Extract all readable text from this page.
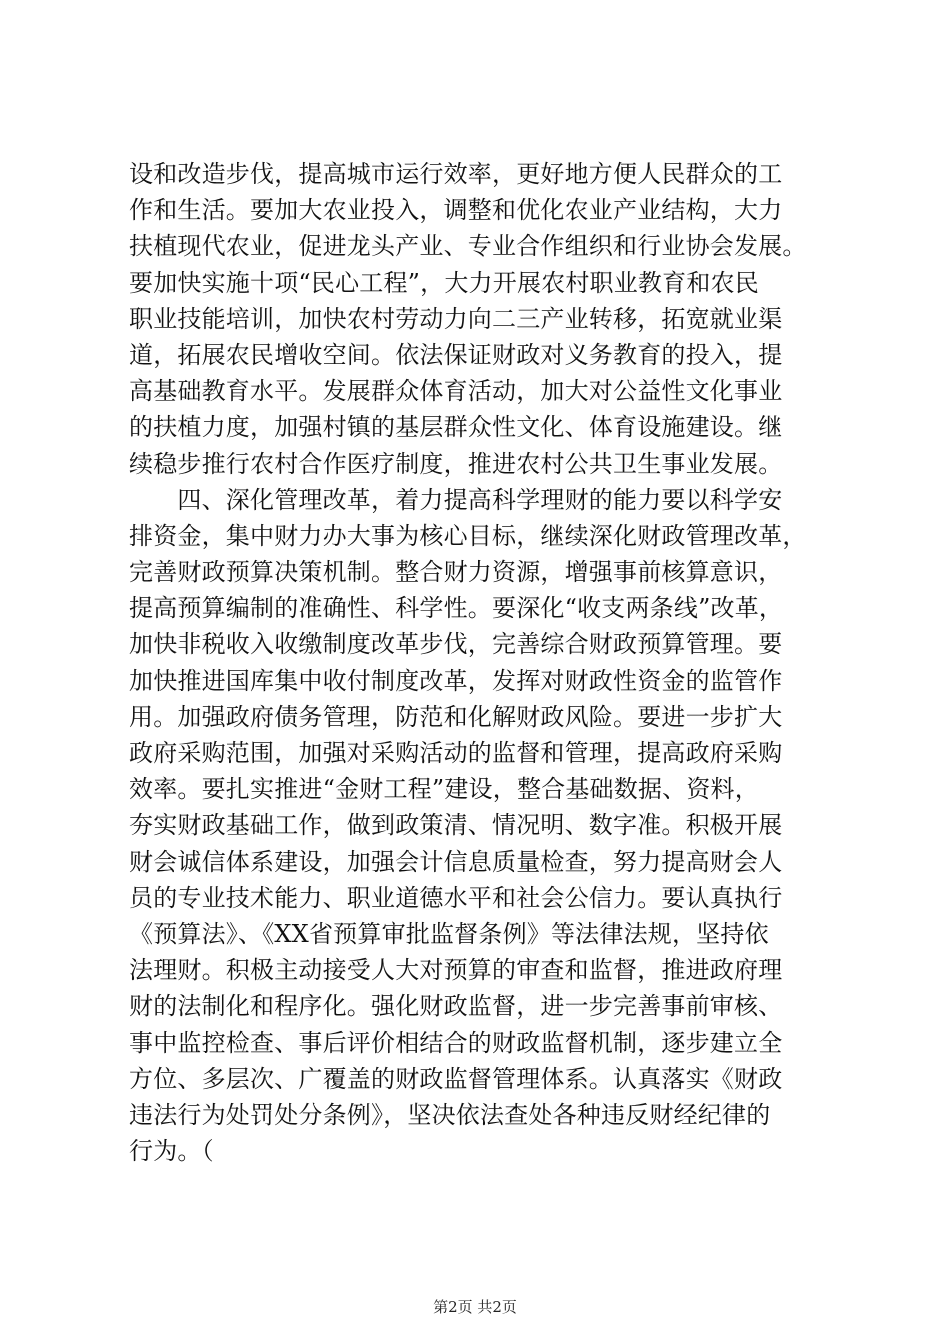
设和改造步伐，提高城市运行效率，更好地方便人民群众的工
作和生活。要加大农业投入，调整和优化农业产业结构，大力
扶植现代农业，促进龙头产业、专业合作组织和行业协会发展。
要加快实施十项“民心工程”，大力开展农村职业教育和农民
职业技能培训，加快农村劳动力向二三产业转移，拓宽就业渠
道，拓展农民增收空间。依法保证财政对义务教育的投入，提
高基础教育水平。发展群众体育活动，加大对公益性文化事业
的扶植力度，加强村镇的基层群众性文化、体育设施建设。继
续稳步推行农村合作医疗制度，推进农村公共卫生事业发展。
　　四、深化管理改革，着力提高科学理财的能力要以科学安
排资金，集中财力办大事为核心目标，继续深化财政管理改革，
完善财政预算决策机制。整合财力资源，增强事前核算意识，
提高预算编制的准确性、科学性。要深化“收支两条线”改革，
加快非税收入收缴制度改革步伐，完善综合财政预算管理。要
加快推进国库集中收付制度改革，发挥对财政性资金的监管作
用。加强政府债务管理，防范和化解财政风险。要进一步扩大
政府采购范围，加强对采购活动的监督和管理，提高政府采购
效率。要扎实推进“金财工程”建设，整合基础数据、资料，
夯实财政基础工作，做到政策清、情况明、数字准。积极开展
财会诚信体系建设，加强会计信息质量检查，努力提高财会人
员的专业技术能力、职业道德水平和社会公信力。要认真执行
《预算法》、《XX省预算审批监督条例》等法律法规，坚持依
法理财。积极主动接受人大对预算的审查和监督，推进政府理
财的法制化和程序化。强化财政监督，进一步完善事前审核、
事中监控检查、事后评价相结合的财政监督机制，逐步建立全
方位、多层次、广覆盖的财政监督管理体系。认真落实《财政
违法行为处罚处分条例》，坚决依法查处各种违反财经纪律的
行为。（
第2页 共2页
